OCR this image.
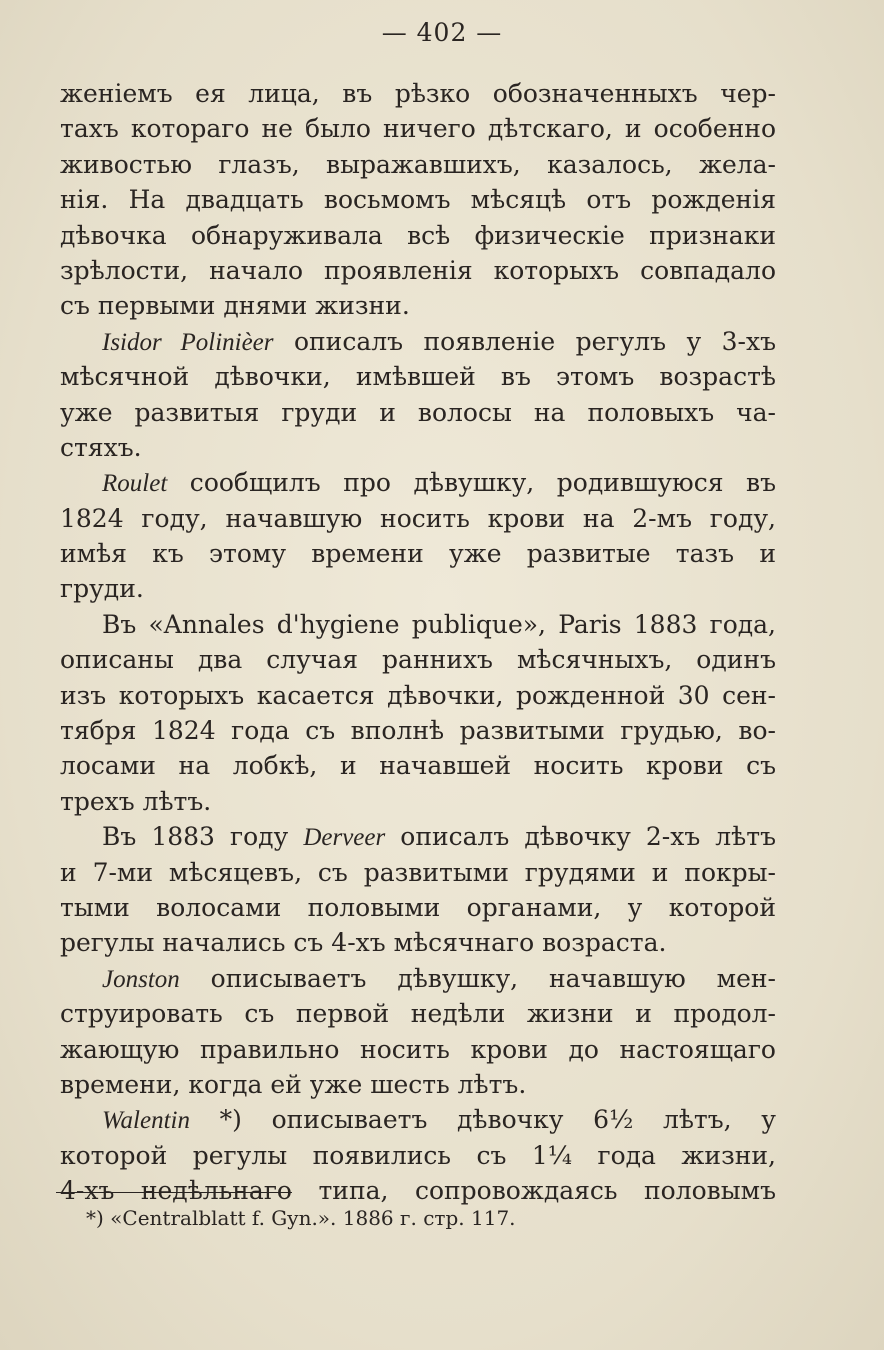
— 402 —
женіемъ ея лица, въ рѣзко обозначенныхъ чер-
тахъ котораго не было ничего дѣтскаго, и особенно
живостью глазъ, выражавшихъ, казалось, жела-
нія. На двадцать восьмомъ мѣсяцѣ отъ рожденія
дѣвочка обнаруживала всѣ физическіе признаки
зрѣлости, начало проявленія которыхъ совпадало
съ первыми днями жизни.
Isidor Polinièer описалъ появленіе регулъ у 3-хъ
мѣсячной дѣвочки, имѣвшей въ этомъ возрастѣ
уже развитыя груди и волосы на половыхъ ча-
стяхъ.
Roulet сообщилъ про дѣвушку, родившуюся въ
1824 году, начавшую носить крови на 2-мъ году,
имѣя къ этому времени уже развитые тазъ и
груди.
Въ «Annales d'hygiene publique», Paris 1883 года,
описаны два случая раннихъ мѣсячныхъ, одинъ
изъ которыхъ касается дѣвочки, рожденной 30 сен-
тября 1824 года съ вполнѣ развитыми грудью, во-
лосами на лобкѣ, и начавшей носить крови съ
трехъ лѣтъ.
Въ 1883 году Derveer описалъ дѣвочку 2-хъ лѣтъ
и 7-ми мѣсяцевъ, съ развитыми грудями и покры-
тыми волосами половыми органами, у которой
регулы начались съ 4-хъ мѣсячнаго возраста.
Jonston описываетъ дѣвушку, начавшую мен-
струировать съ первой недѣли жизни и продол-
жающую правильно носить крови до настоящаго
времени, когда ей уже шесть лѣтъ.
Walentin *) описываетъ дѣвочку 6½ лѣтъ, у
которой регулы появились съ 1¼ года жизни,
4-хъ недѣльнаго типа, сопровождаясь половымъ
*) «Centralblatt f. Gyn.». 1886 г. стр. 117.
